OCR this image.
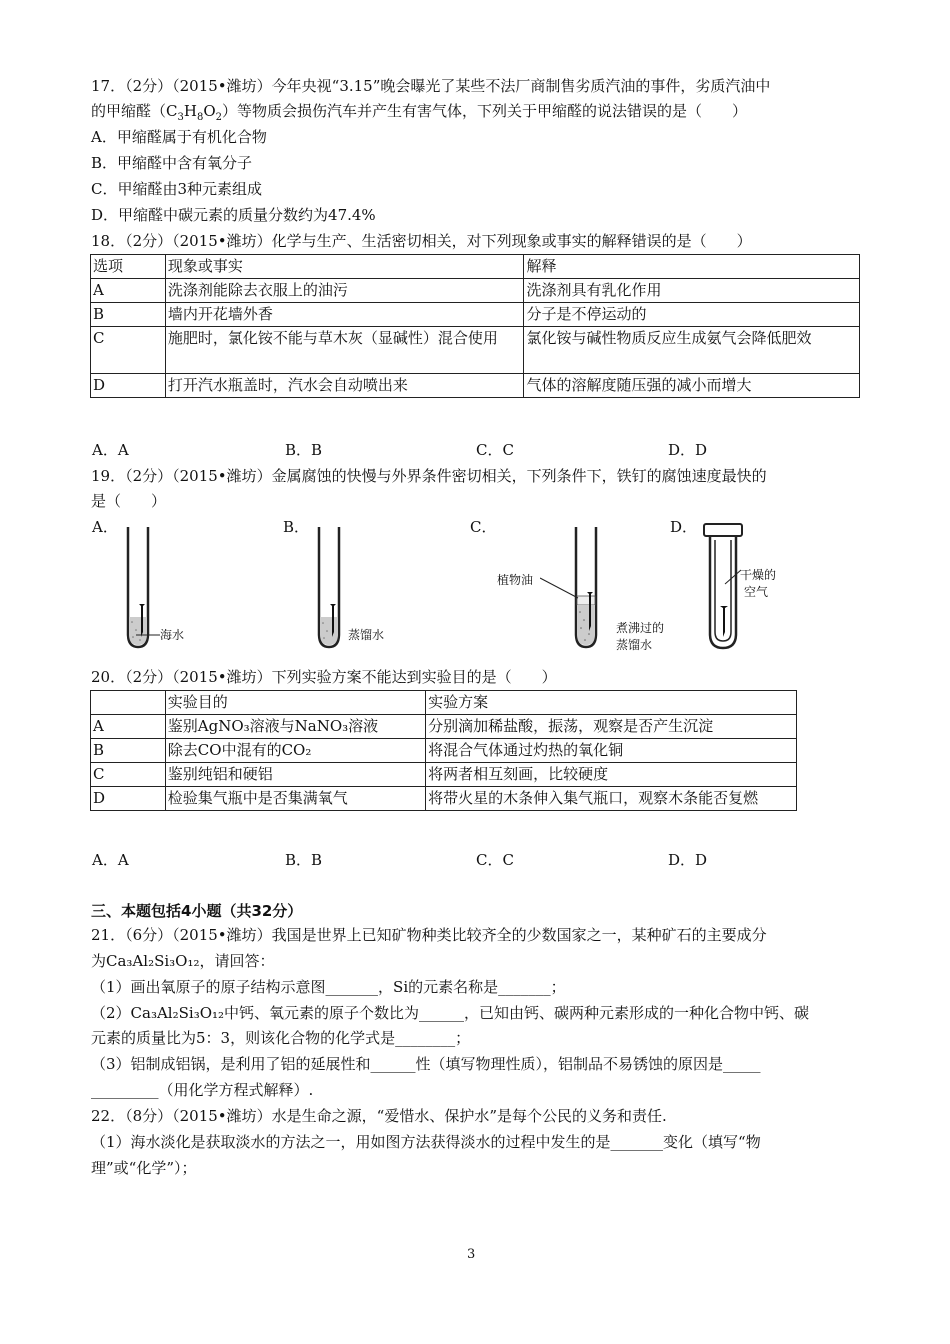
17．（2分）（2015•潍坊）今年央视“3.15”晚会曝光了某些不法厂商制售劣质汽油的事件，劣质汽油中
的甲缩醛$(C_3H_8O_2)$等物质会损伤汽车并产生有害气体，下列关于甲缩醛的说法错误的是（　　）
A．甲缩醛属于有机化合物
B．甲缩醛中含有氧分子
C．甲缩醛由3种元素组成
D．甲缩醛中碳元素的质量分数约为47.4%
18．（2分）（2015•潍坊）化学与生产、生活密切相关，对下列现象或事实的解释错误的是（　　）
选项	现象或事实	解释
A	洗涤剂能除去衣服上的油污	洗涤剂具有乳化作用
B	墙内开花墙外香	分子是不停运动的
C	施肥时，氯化铵不能与草木灰（显碱性）混合使用	氯化铵与碱性物质反应生成氨气会降低肥效
D	打开汽水瓶盖时，汽水会自动喷出来	气体的溶解度随压强的减小而增大
A．A	B．B	C．C	D．D
19．（2分）（2015•潍坊）金属腐蚀的快慢与外界条件密切相关，下列条件下，铁钉的腐蚀速度最快的
是（　　）
A．	B．	C．	D．
海水	蒸馏水
植物油
煮沸过的
蒸馏水
干燥的
空气
20．（2分）（2015•潍坊）下列实验方案不能达到实验目的是（　　）
	实验目的	实验方案
A	鉴别AgNO₃溶液与NaNO₃溶液	分别滴加稀盐酸，振荡，观察是否产生沉淀
B	除去CO中混有的CO₂	将混合气体通过灼热的氧化铜
C	鉴别纯铝和硬铝	将两者相互刻画，比较硬度
D	检验集气瓶中是否集满氧气	将带火星的木条伸入集气瓶口，观察木条能否复燃
A．A	B．B	C．C	D．D
三、本题包括4小题（共32分）
21．（6分）（2015•潍坊）我国是世界上已知矿物种类比较齐全的少数国家之一，某种矿石的主要成分
为Ca₃Al₂Si₃O₁₂，请回答：
（1）画出氧原子的原子结构示意图_______，Si的元素名称是_______；
（2）Ca₃Al₂Si₃O₁₂中钙、氧元素的原子个数比为______，已知由钙、碳两种元素形成的一种化合物中钙、碳
元素的质量比为5：3，则该化合物的化学式是________；
（3）铝制成铝锅，是利用了铝的延展性和______性（填写物理性质），铝制品不易锈蚀的原因是_____
_________（用化学方程式解释）.
22．（8分）（2015•潍坊）水是生命之源，“爱惜水、保护水”是每个公民的义务和责任.
（1）海水淡化是获取淡水的方法之一，用如图方法获得淡水的过程中发生的是_______变化（填写“物
理”或“化学”）；
3
